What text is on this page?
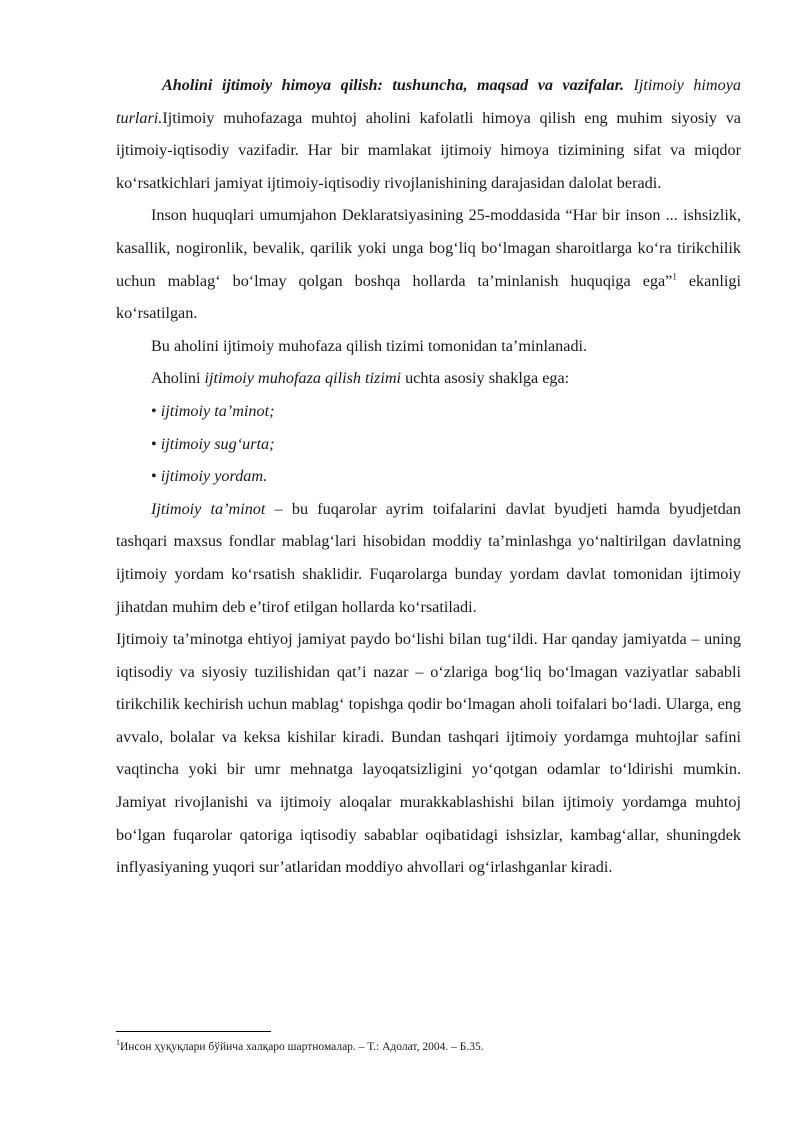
Aholini ijtimoiy himoya qilish: tushuncha, maqsad va vazifalar. Ijtimoiy himoya turlari.Ijtimoiy muhofazaga muhtoj aholini kafolatli himoya qilish eng muhim siyosiy va ijtimoiy-iqtisodiy vazifadir. Har bir mamlakat ijtimoiy himoya tizimining sifat va miqdor ko‘rsatkichlari jamiyat ijtimoiy-iqtisodiy rivojlanishining darajasidan dalolat beradi.

Inson huquqlari umumjahon Deklaratsiyasining 25-moddasida “Har bir inson ... ishsizlik, kasallik, nogironlik, bevalik, qarilik yoki unga bog‘liq bo‘lmagan sharoitlarga ko‘ra tirikchilik uchun mablag‘ bo‘lmay qolgan boshqa hollarda ta’minlanish huquqiga ega”$^1$ ekanligi ko‘rsatilgan.

Bu aholini ijtimoiy muhofaza qilish tizimi tomonidan ta’minlanadi.

Aholini ijtimoiy muhofaza qilish tizimi uchta asosiy shaklga ega:

• ijtimoiy ta’minot;

• ijtimoiy sug‘urta;

• ijtimoiy yordam.

Ijtimoiy ta’minot – bu fuqarolar ayrim toifalarini davlat byudjeti hamda byudjetdan tashqari maxsus fondlar mablag‘lari hisobidan moddiy ta’minlashga yo‘naltirilgan davlatning ijtimoiy yordam ko‘rsatish shaklidir. Fuqarolarga bunday yordam davlat tomonidan ijtimoiy jihatdan muhim deb e’tirof etilgan hollarda ko‘rsatiladi.

Ijtimoiy ta’minotga ehtiyoj jamiyat paydo bo‘lishi bilan tug‘ildi. Har qanday jamiyatda – uning iqtisodiy va siyosiy tuzilishidan qat’i nazar – o‘zlariga bog‘liq bo‘lmagan vaziyatlar sababli tirikchilik kechirish uchun mablag‘ topishga qodir bo‘lmagan aholi toifalari bo‘ladi. Ularga, eng avvalo, bolalar va keksa kishilar kiradi. Bundan tashqari ijtimoiy yordamga muhtojlar safini vaqtincha yoki bir umr mehnatga layoqatsizligini yo‘qotgan odamlar to‘ldirishi mumkin. Jamiyat rivojlanishi va ijtimoiy aloqalar murakkablashishi bilan ijtimoiy yordamga muhtoj bo‘lgan fuqarolar qatoriga iqtisodiy sabablar oqibatidagi ishsizlar, kambag‘allar, shuningdek inflyasiyaning yuqori sur’atlaridan moddiyo ahvollari og‘irlashganlar kiradi.

$^1$Инсон ҳуқуқлари бўйича халқаро шартномалар. – Т.: Адолат, 2004. – Б.35.
